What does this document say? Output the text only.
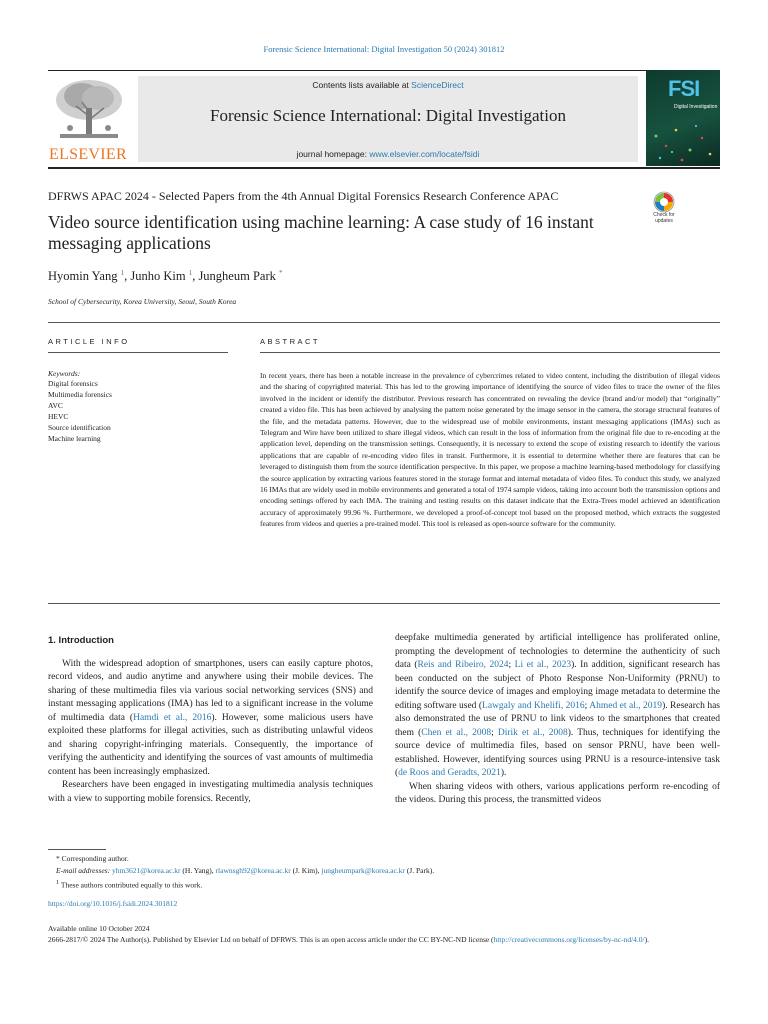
Forensic Science International: Digital Investigation 50 (2024) 301812
ELSEVIER
Contents lists available at ScienceDirect
Forensic Science International: Digital Investigation
journal homepage: www.elsevier.com/locate/fsidi
FSI
Digital Investigation
DFRWS APAC 2024 - Selected Papers from the 4th Annual Digital Forensics Research Conference APAC
Video source identification using machine learning: A case study of 16 instant messaging applications
Check for updates
Hyomin Yang $^1$, Junho Kim $^1$, Jungheum Park *
School of Cybersecurity, Korea University, Seoul, South Korea
ARTICLE INFO
Keywords:
Digital forensics
Multimedia forensics
AVC
HEVC
Source identification
Machine learning
ABSTRACT
In recent years, there has been a notable increase in the prevalence of cybercrimes related to video content, including the distribution of illegal videos and the sharing of copyrighted material. This has led to the growing importance of identifying the source of video files to trace the owner of the files involved in the incident or identify the distributor. Previous research has concentrated on revealing the device (brand and/or model) that “originally” created a video file. This has been achieved by analysing the pattern noise generated by the image sensor in the camera, the storage structural features of the file, and the metadata patterns. However, due to the widespread use of mobile environments, instant messaging applications (IMAs) such as Telegram and Wire have been utilized to share illegal videos, which can result in the loss of information from the original file due to re-encoding at the application level, depending on the transmission settings. Consequently, it is necessary to extend the scope of existing research to identify the various applications that are capable of re-encoding video files in transit. Furthermore, it is essential to determine whether there are features that can be leveraged to distinguish them from the source identification perspective. In this paper, we propose a machine learning-based methodology for classifying the source application by extracting various features stored in the storage format and internal metadata of video files. To conduct this study, we analyzed 16 IMAs that are widely used in mobile environments and generated a total of 1974 sample videos, taking into account both the transmission options and encoding settings offered by each IMA. The training and testing results on this dataset indicate that the Extra-Trees model achieved an identification accuracy of approximately 99.96 %. Furthermore, we developed a proof-of-concept tool based on the proposed method, which extracts the suggested features from videos and queries a pre-trained model. This tool is released as open-source software for the community.
1. Introduction
With the widespread adoption of smartphones, users can easily capture photos, record videos, and audio anytime and anywhere using their mobile devices. The sharing of these multimedia files via various social networking services (SNS) and instant messaging applications (IMA) has led to a significant increase in the volume of multimedia data (Hamdi et al., 2016). However, some malicious users have exploited these platforms for illegal activities, such as distributing unlawful videos and sharing copyright-infringing materials. Consequently, the importance of verifying the authenticity and identifying the sources of vast amounts of multimedia content has been increasingly emphasized.
Researchers have been engaged in investigating multimedia analysis techniques with a view to supporting mobile forensics. Recently,
deepfake multimedia generated by artificial intelligence has proliferated online, prompting the development of technologies to determine the authenticity of such data (Reis and Ribeiro, 2024; Li et al., 2023). In addition, significant research has been conducted on the subject of Photo Response Non-Uniformity (PRNU) to identify the source device of images and employing image metadata to determine the editing software used (Lawgaly and Khelifi, 2016; Ahmed et al., 2019). Research has also demonstrated the use of PRNU to link videos to the smartphones that created them (Chen et al., 2008; Dirik et al., 2008). Thus, techniques for identifying the source device of multimedia files, based on sensor PRNU, have been well-established. However, identifying sources using PRNU is a resource-intensive task (de Roos and Geradts, 2021).
When sharing videos with others, various applications perform re-encoding of the videos. During this process, the transmitted videos
* Corresponding author.
E-mail addresses: yhm3621@korea.ac.kr (H. Yang), rlawnsgh92@korea.ac.kr (J. Kim), jungheumpark@korea.ac.kr (J. Park).
$^1$ These authors contributed equally to this work.
https://doi.org/10.1016/j.fsidi.2024.301812
Available online 10 October 2024
2666-2817/© 2024 The Author(s). Published by Elsevier Ltd on behalf of DFRWS. This is an open access article under the CC BY-NC-ND license (http://creativecommons.org/licenses/by-nc-nd/4.0/).
